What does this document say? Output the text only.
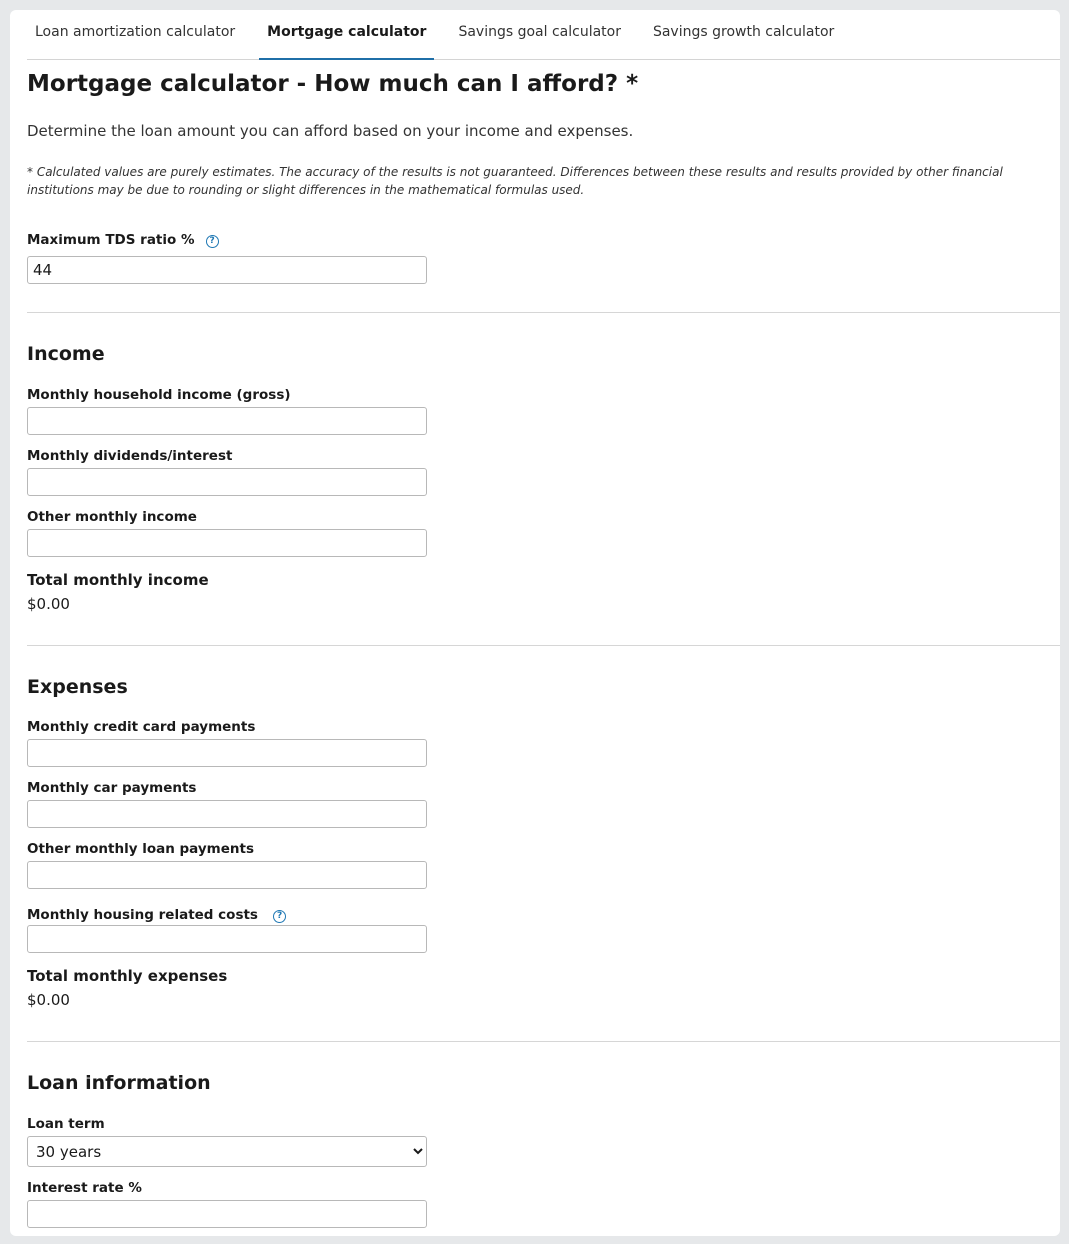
Loan amortization calculator	Mortgage calculator	Savings goal calculator	Savings growth calculator
Mortgage calculator - How much can I afford? *
Determine the loan amount you can afford based on your income and expenses.
* Calculated values are purely estimates. The accuracy of the results is not guaranteed. Differences between these results and results provided by other financial institutions may be due to rounding or slight differences in the mathematical formulas used.
Maximum TDS ratio % ?
44
Income
Monthly household income (gross)
Monthly dividends/interest
Other monthly income
Total monthly income
$0.00
Expenses
Monthly credit card payments
Monthly car payments
Other monthly loan payments
Monthly housing related costs ?
Total monthly expenses
$0.00
Loan information
Loan term
30 years
Interest rate %
